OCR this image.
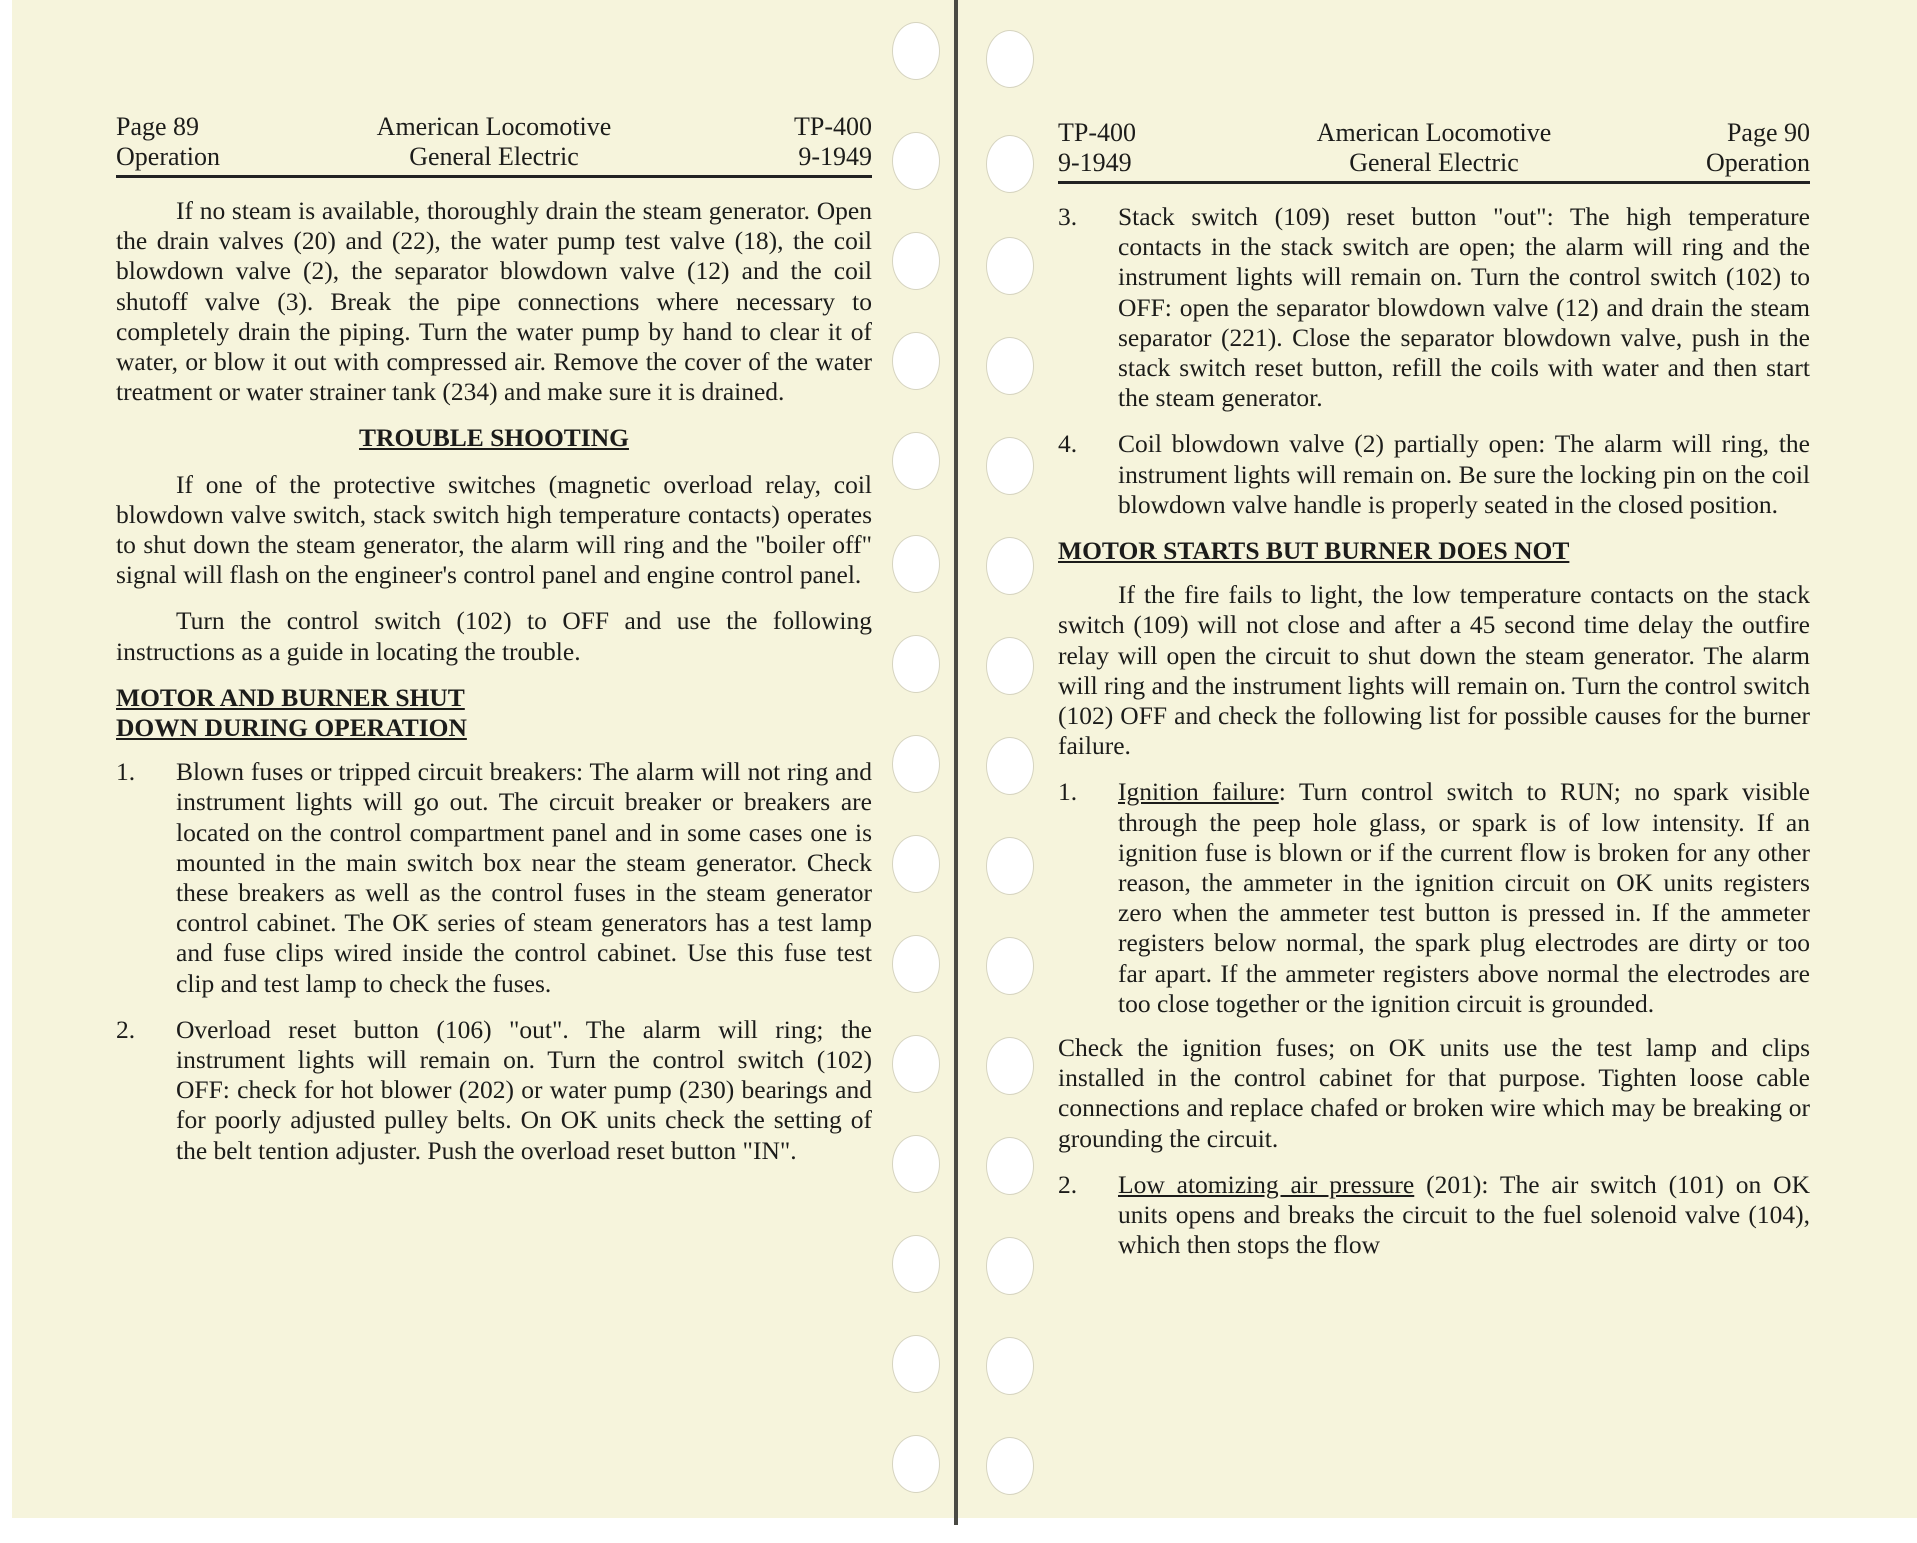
Page 89
Operation
American Locomotive
General Electric
TP-400
9-1949

If no steam is available, thoroughly drain the steam generator. Open the drain valves (20) and (22), the water pump test valve (18), the coil blowdown valve (2), the separator blowdown valve (12) and the coil shutoff valve (3). Break the pipe connections where necessary to completely drain the piping. Turn the water pump by hand to clear it of water, or blow it out with compressed air. Remove the cover of the water treatment or water strainer tank (234) and make sure it is drained.

TROUBLE SHOOTING

If one of the protective switches (magnetic overload relay, coil blowdown valve switch, stack switch high temperature contacts) operates to shut down the steam generator, the alarm will ring and the "boiler off" signal will flash on the engineer's control panel and engine control panel.

Turn the control switch (102) to OFF and use the following instructions as a guide in locating the trouble.

MOTOR AND BURNER SHUT
DOWN DURING OPERATION
1.	Blown fuses or tripped circuit breakers: The alarm will not ring and instrument lights will go out. The circuit breaker or breakers are located on the control compartment panel and in some cases one is mounted in the main switch box near the steam generator. Check these breakers as well as the control fuses in the steam generator control cabinet. The OK series of steam generators has a test lamp and fuse clips wired inside the control cabinet. Use this fuse test clip and test lamp to check the fuses.
2.	Overload reset button (106) "out". The alarm will ring; the instrument lights will remain on. Turn the control switch (102) OFF: check for hot blower (202) or water pump (230) bearings and for poorly adjusted pulley belts. On OK units check the setting of the belt tention adjuster. Push the overload reset button "IN".
TP-400
9-1949
American Locomotive
General Electric
Page 90
Operation
3.	Stack switch (109) reset button "out": The high temperature contacts in the stack switch are open; the alarm will ring and the instrument lights will remain on. Turn the control switch (102) to OFF: open the separator blowdown valve (12) and drain the steam separator (221). Close the separator blowdown valve, push in the stack switch reset button, refill the coils with water and then start the steam generator.
4.	Coil blowdown valve (2) partially open: The alarm will ring, the instrument lights will remain on. Be sure the locking pin on the coil blowdown valve handle is properly seated in the closed position.
MOTOR STARTS BUT BURNER DOES NOT

If the fire fails to light, the low temperature contacts on the stack switch (109) will not close and after a 45 second time delay the outfire relay will open the circuit to shut down the steam generator. The alarm will ring and the instrument lights will remain on. Turn the control switch (102) OFF and check the following list for possible causes for the burner failure.

1.	Ignition failure: Turn control switch to RUN; no spark visible through the peep hole glass, or spark is of low intensity. If an ignition fuse is blown or if the current flow is broken for any other reason, the ammeter in the ignition circuit on OK units registers zero when the ammeter test button is pressed in. If the ammeter registers below normal, the spark plug electrodes are dirty or too far apart. If the ammeter registers above normal the electrodes are too close together or the ignition circuit is grounded.

Check the ignition fuses; on OK units use the test lamp and clips installed in the control cabinet for that purpose. Tighten loose cable connections and replace chafed or broken wire which may be breaking or grounding the circuit.

2.	Low atomizing air pressure (201): The air switch (101) on OK units opens and breaks the circuit to the fuel solenoid valve (104), which then stops the flow
